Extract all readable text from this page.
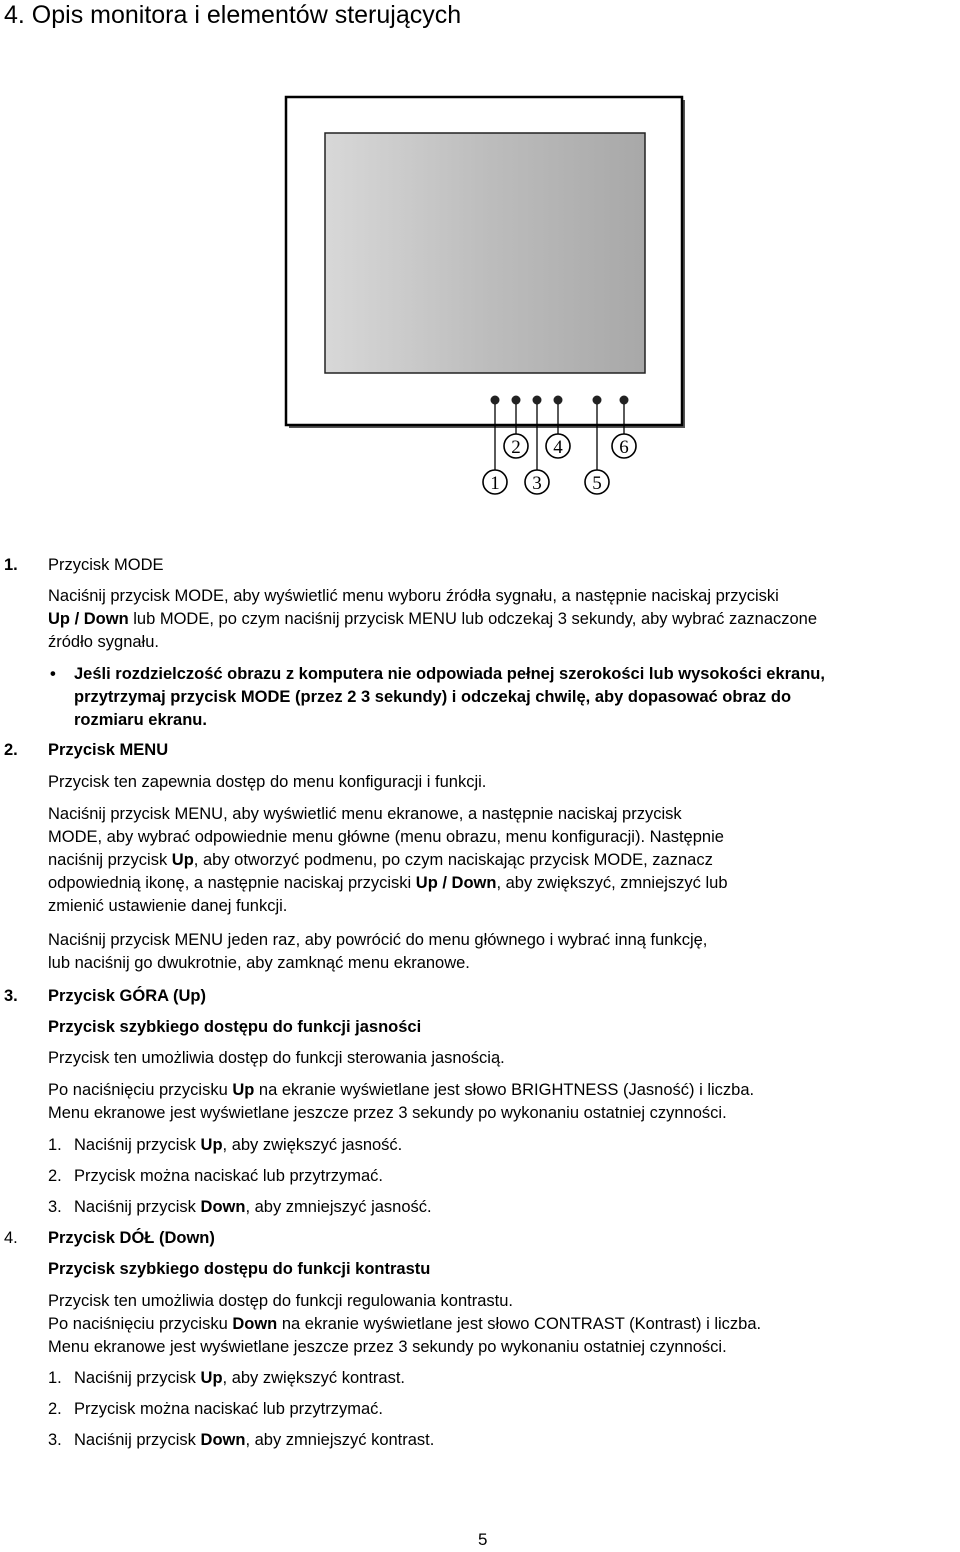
4. Opis monitora i elementów sterujących
1
2
3
4
5
6
1. Przycisk MODE
Naciśnij przycisk MODE, aby wyświetlić menu wyboru źródła sygnału, a następnie naciskaj przyciski
Up / Down lub MODE, po czym naciśnij przycisk MENU lub odczekaj 3 sekundy, aby wybrać zaznaczone
źródło sygnału.
• Jeśli rozdzielczość obrazu z komputera nie odpowiada pełnej szerokości lub wysokości ekranu,
przytrzymaj przycisk MODE (przez 2 3 sekundy) i odczekaj chwilę, aby dopasować obraz do
rozmiaru ekranu.
2. Przycisk MENU
Przycisk ten zapewnia dostęp do menu konfiguracji i funkcji.
Naciśnij przycisk MENU, aby wyświetlić menu ekranowe, a następnie naciskaj przycisk
MODE, aby wybrać odpowiednie menu główne (menu obrazu, menu konfiguracji). Następnie
naciśnij przycisk Up, aby otworzyć podmenu, po czym naciskając przycisk MODE, zaznacz
odpowiednią ikonę, a następnie naciskaj przyciski Up / Down, aby zwiększyć, zmniejszyć lub
zmienić ustawienie danej funkcji.
Naciśnij przycisk MENU jeden raz, aby powrócić do menu głównego i wybrać inną funkcję,
lub naciśnij go dwukrotnie, aby zamknąć menu ekranowe.
3. Przycisk GÓRA (Up)
Przycisk szybkiego dostępu do funkcji jasności
Przycisk ten umożliwia dostęp do funkcji sterowania jasnością.
Po naciśnięciu przycisku Up na ekranie wyświetlane jest słowo BRIGHTNESS (Jasność) i liczba.
Menu ekranowe jest wyświetlane jeszcze przez 3 sekundy po wykonaniu ostatniej czynności.
1. Naciśnij przycisk Up, aby zwiększyć jasność.
2. Przycisk można naciskać lub przytrzymać.
3. Naciśnij przycisk Down, aby zmniejszyć jasność.
4. Przycisk DÓŁ (Down)
Przycisk szybkiego dostępu do funkcji kontrastu
Przycisk ten umożliwia dostęp do funkcji regulowania kontrastu.
Po naciśnięciu przycisku Down na ekranie wyświetlane jest słowo CONTRAST (Kontrast) i liczba.
Menu ekranowe jest wyświetlane jeszcze przez 3 sekundy po wykonaniu ostatniej czynności.
1. Naciśnij przycisk Up, aby zwiększyć kontrast.
2. Przycisk można naciskać lub przytrzymać.
3. Naciśnij przycisk Down, aby zmniejszyć kontrast.
5
